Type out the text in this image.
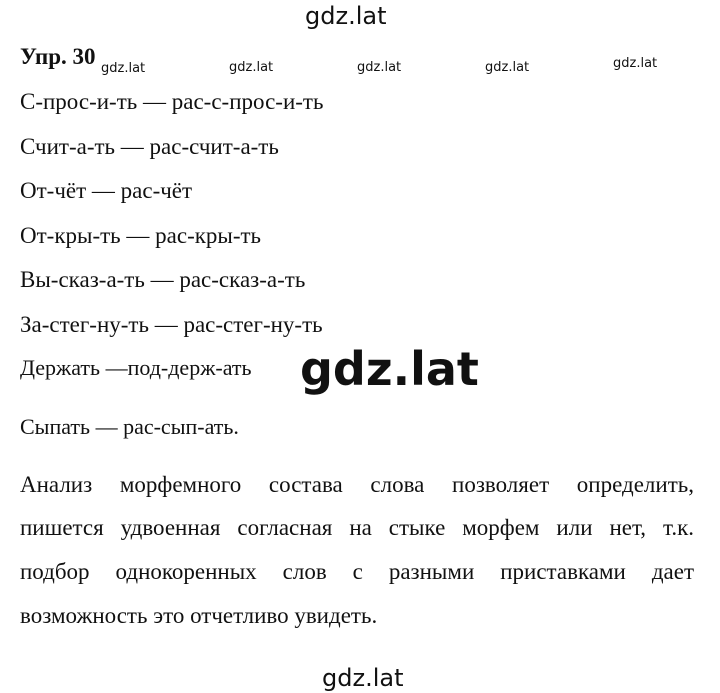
gdz.lat
Упр. 30 gdz.lat	gdz.lat	gdz.lat	gdz.lat	gdz.lat
С-прос-и-ть — рас-с-прос-и-ть
Счит-а-ть — рас-счит-а-ть
От-чёт — рас-чёт
От-кры-ть — рас-кры-ть
Вы-сказ-а-ть — рас-сказ-а-ть
За-стег-ну-ть — рас-стег-ну-ть
Держать —под-держ-ать gdz.lat
Сыпать — рас-сып-ать.
Анализ морфемного состава слова позволяет определить,
пишется удвоенная согласная на стыке морфем или нет, т.к.
подбор однокоренных слов с разными приставками дает
возможность это отчетливо увидеть.
gdz.lat
